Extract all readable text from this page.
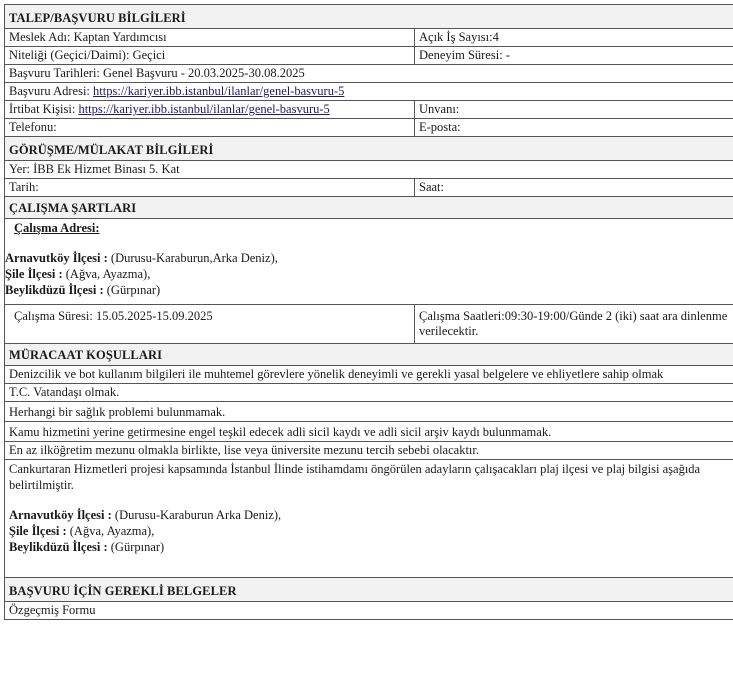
TALEP/BAŞVURU BİLGİLERİ
Meslek Adı: Kaptan Yardımcısı	Açık İş Sayısı:4
Niteliği (Geçici/Daimi): Geçici	Deneyim Süresi: -
Başvuru Tarihleri: Genel Başvuru - 20.03.2025-30.08.2025
Başvuru Adresi: https://kariyer.ibb.istanbul/ilanlar/genel-basvuru-5
İrtibat Kişisi: https://kariyer.ibb.istanbul/ilanlar/genel-basvuru-5	Unvanı:
Telefonu:	E-posta:
GÖRÜŞME/MÜLAKAT BİLGİLERİ
Yer: İBB Ek Hizmet Binası 5. Kat
Tarih:	Saat:
ÇALIŞMA ŞARTLARI
Çalışma Adresi:
Arnavutköy İlçesi : (Durusu-Karaburun,Arka Deniz),
Şile İlçesi : (Ağva, Ayazma),
Beylikdüzü İlçesi : (Gürpınar)
Çalışma Süresi: 15.05.2025-15.09.2025	Çalışma Saatleri:09:30-19:00/Günde 2 (iki) saat ara dinlenme verilecektir.
MÜRACAAT KOŞULLARI
Denizcilik ve bot kullanım bilgileri ile muhtemel görevlere yönelik deneyimli ve gerekli yasal belgelere ve ehliyetlere sahip olmak
T.C. Vatandaşı olmak.
Herhangi bir sağlık problemi bulunmamak.
Kamu hizmetini yerine getirmesine engel teşkil edecek adli sicil kaydı ve adli sicil arşiv kaydı bulunmamak.
En az ilköğretim mezunu olmakla birlikte, lise veya üniversite mezunu tercih sebebi olacaktır.
Cankurtaran Hizmetleri projesi kapsamında İstanbul İlinde istihamdamı öngörülen adayların çalışacakları plaj ilçesi ve plaj bilgisi aşağıda belirtilmiştir.
Arnavutköy İlçesi : (Durusu-Karaburun Arka Deniz),
Şile İlçesi : (Ağva, Ayazma),
Beylikdüzü İlçesi : (Gürpınar)
BAŞVURU İÇİN GEREKLİ BELGELER
Özgeçmiş Formu
